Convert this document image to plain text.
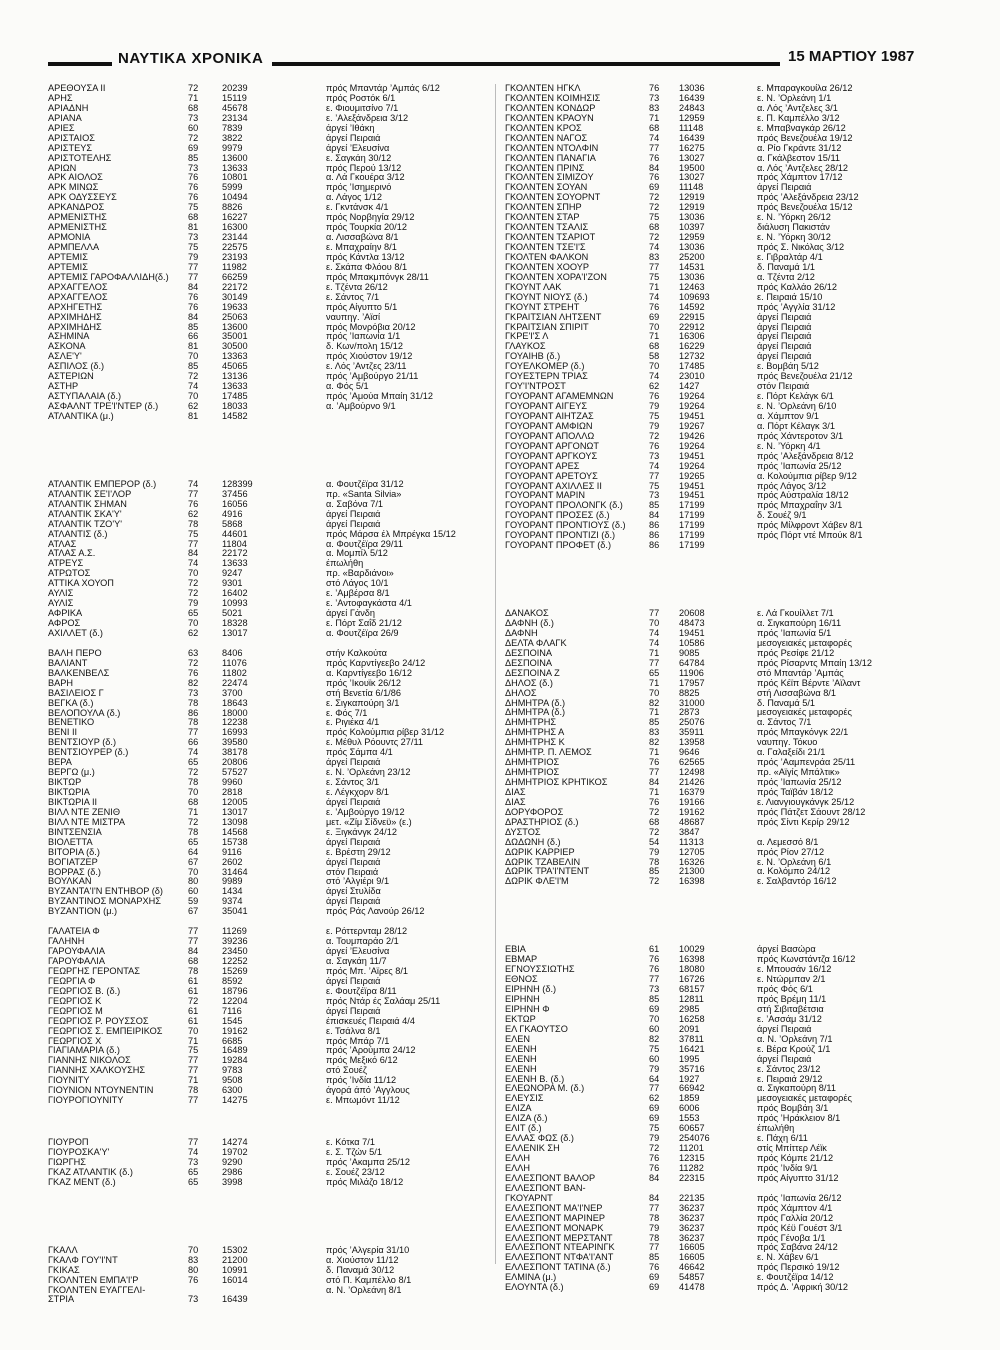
ΝΑΥΤΙΚΑ ΧΡΟΝΙΚΑ	15 ΜΑΡΤΙΟΥ 1987
ΑΡΕΘΟΥΣΑ ΙΙ	72	20239	πρός Μπαντάρ ’Αμπάς 6/12
ΑΡΗΣ	71	15119	πρός Ροστόκ 6/1
ΑΡΙΑΔΝΗ	68	45678	ε. Φιουμιτσίνο 7/1
ΑΡΙΑΝΑ	73	23134	ε. ’Αλεξάνδρεια 3/12
ΑΡΙΕΣ	60	7839	άργεί ’Ιθάκη
ΑΡΙΣΤΑΙΟΣ	72	3822	άργεί Πειραιά
ΑΡΙΣΤΕΥΣ	69	9979	άργεί ’Ελευσίνα
ΑΡΙΣΤΟΤΕΛΗΣ	85	13600	ε. Σαγκάη 30/12
ΑΡΙΩΝ	73	13633	πρός Περού 13/12
ΑΡΚ ΑΙΟΛΟΣ	76	10801	α. Λά Γκουέρα 3/12
ΑΡΚ ΜΙΝΩΣ	76	5999	πρός ’Ισημερινό
ΑΡΚ ΟΔΥΣΣΕΥΣ	76	10494	α. Λάγος 1/12
ΑΡΚΑΝΔΡΟΣ	75	8826	ε. Γκντάνσκ 4/1
ΑΡΜΕΝΙΣΤΗΣ	68	16227	πρός Νορβηγία 29/12
ΑΡΜΕΝΙΣΤΗΣ	81	16300	πρός Τουρκία 20/12
ΑΡΜΟΝΙΑ	73	23144	α. Λισσαβώνα 8/1
ΑΡΜΠΕΛΛΑ	75	22575	ε. Μπαχραίην 8/1
ΑΡΤΕΜΙΣ	79	23193	πρός Κάντλα 13/12
ΑΡΤΕΜΙΣ	77	11982	ε. Σκάπα Φλόου 8/1
ΑΡΤΕΜΙΣ ΓΑΡΟΦΑΛΛΙΔΗ(δ.) 77	66259	πρός Μπακμπόνγκ 28/11
ΑΡΧΑΓΓΕΛΟΣ	84	22172	ε. Τζέντα 26/12
ΑΡΧΑΓΓΕΛΟΣ	76	30149	ε. Σάντος 7/1
ΑΡΧΗΓΕΤΗΣ	76	19633	πρός Αίγυπτο 5/1
ΑΡΧΙΜΗΔΗΣ	84	25063	ναυπηγ. ’Αϊσί
ΑΡΧΙΜΗΔΗΣ	85	13600	πρός Μονρόβια 20/12
ΑΣΗΜΙΝΑ	66	35001	πρός ’Ιαπωνία 1/1
ΑΣΚΟΝΑ	81	30500	δ. Κων/πολη 15/12
ΑΣΛΕ'Υ'	70	13363	πρός Χιούστον 19/12
ΑΣΠΙΛΟΣ (δ.)	85	45065	ε. Λός ’Αντζες 23/11
ΑΣΤΕΡΙΩΝ	72	13136	πρός ’Αμβούργο 21/11
ΑΣΤΗΡ	74	13633	α. Φός 5/1
ΑΣΤΥΠΑΛΑΙΑ (δ.)	70	17485	πρός ’Αμούα Μπαίη 31/12
ΑΣΦΑΛΝΤ ΤΡΕ'Ι'ΝΤΕΡ (δ.)	62	18033	α. ’Αμβούρνο 9/1
ΑΤΛΑΝΤΙΚΑ (μ.)	81	14582
ΑΤΛΑΝΤΙΚ ΕΜΠΕΡΟΡ (δ.)	74	128399	α. Φουτζέϊρα 31/12
ΑΤΛΑΝΤΙΚ ΣΕ'Ι'ΛΟΡ	77	37456	πρ. «Santa Silvia»
ΑΤΛΑΝΤΙΚ ΣΗΜΑΝ	76	16056	α. Σαβόνα 7/1
ΑΤΛΑΝΤΙΚ ΣΚΑ'Υ'	62	4916	άργεί Πειραιά
ΑΤΛΑΝΤΙΚ ΤΖΟ'Υ'	78	5868	άργεί Πειραιά
ΑΤΛΑΝΤΙΣ (δ.)	75	44601	πρός Μάρσα έλ Μπρέγκα 15/12
ΑΤΛΑΣ	77	11804	α. Φουτζέϊρα 29/11
ΑΤΛΑΣ Α.Σ.	84	22172	α. Μομπίλ 5/12
ΑΤΡΕΥΣ	74	13633	έπωλήθη
ΑΤΡΩΤΟΣ	70	9247	πρ. «Βαρδιάνοι»
ΑΤΤΙΚΑ ΧΟΥΟΠ	72	9301	στό Λάγος 10/1
ΑΥΛΙΣ	72	16402	ε. ’Αμβέρσα 8/1
ΑΥΛΙΣ	79	10993	ε. ’Αντοφαγκάστα 4/1
ΑΦΡΙΚΑ	65	5021	άργεί Γάνδη
ΑΦΡΟΣ	70	18328	ε. Πόρτ Σαΐδ 21/12
ΑΧΙΛΛΕΤ (δ.)	62	13017	α. Φουτζέϊρα 26/9
ΒΑΛΗ ΠΕΡΟ	63	8406	στήν Καλκούτα
ΒΑΛΙΑΝΤ	72	11076	πρός Καρντίγεεβο 24/12
ΒΑΛΚΕΝΒΕΛΣ	76	11802	α. Καρντίγεεβο 16/12
ΒΑΡΗ	82	22474	πρός ’Ικουϊκ 26/12
ΒΑΣΙΛΕΙΟΣ Γ	73	3700	στή Βενετία 6/1/86
ΒΕΓΚΑ (δ.)	78	18643	ε. Σιγκαπούρη 3/1
ΒΕΛΟΠΟΥΛΑ (δ.)	86	18000	ε. Φός 7/1
ΒΕΝΕΤΙΚΟ	78	12238	ε. Ριγιέκα 4/1
ΒΕΝΙ ΙΙ	77	16993	πρός Κολούμπια ρίβερ 31/12
ΒΕΝΤΣΙΟΥΡ (δ.)	66	39580	ε. Μέθυλ Ρόουντς 27/11
ΒΕΝΤΣΙΟΥΡΕΡ (δ.)	74	38178	πρός Σάμπα 4/1
ΒΕΡΑ	65	20806	άργεί Πειραιά
ΒΕΡΓΩ (μ.)	72	57527	ε. Ν. ’Ορλεάνη 23/12
ΒΙΚΤΩΡ	78	9960	ε. Σάντος 3/1
ΒΙΚΤΩΡΙΑ	70	2818	ε. Λέγκχορν 8/1
ΒΙΚΤΩΡΙΑ ΙΙ	68	12005	άργεί Πειραιά
ΒΙΛΛ ΝΤΕ ΖΕΝΙΘ	71	13017	ε. ’Αμβούργο 19/12
ΒΙΛΛ ΝΤΕ ΜΙΣΤΡΑ	72	13098	μετ. «Ζίμ Σίδνεϋ» (ε.)
ΒΙΝΤΣΕΝΣΙΑ	78	14568	ε. Ξιγκάνγκ 24/12
ΒΙΟΛΕΤΤΑ	65	15738	άργεί Πειραιά
ΒΙΤΟΡΙΑ (δ.)	64	9116	ε. Βρέστη 29/12
ΒΟΓΙΑΤΖΕΡ	67	2602	άργεί Πειραιά
ΒΟΡΡΑΣ (δ.)	70	31464	στόν Πειραιά
ΒΟΥΛΚΑΝ	80	9989	στό ’Αλγιέρι 9/1
ΒΥΖΑΝΤΑ'Ι'Ν ΕΝΤΗΒΟΡ (δ)	60	1434	άργεί Στυλίδα
ΒΥΖΑΝΤΙΝΟΣ ΜΟΝΑΡΧΗΣ	59	9374	άργεί Πειραιά
ΒΥΖΑΝΤΙΟΝ (μ.)	67	35041	πρός Ράς Λανούρ 26/12
ΓΑΛΑΤΕΙΑ Φ	77	11269	ε. Ρόττερνταμ 28/12
ΓΑΛΗΝΗ	77	39236	α. Τουμπαράο 2/1
ΓΑΡΟΥΦΑΛΙΑ	84	23450	άργεί ’Ελευσίνα
ΓΑΡΟΥΦΑΛΙΑ	68	12252	α. Σαγκάη 11/7
ΓΕΩΡΓΗΣ ΓΕΡΟΝΤΑΣ	78	15269	πρός Μπ. ’Αϊρες 8/1
ΓΕΩΡΓΙΑ Φ	61	8592	άργεί Πειραιά
ΓΕΩΡΓΙΟΣ Β. (δ.)	61	18796	ε. Φουτζέϊρα 8/11
ΓΕΩΡΓΙΟΣ Κ	72	12204	πρός Ντάρ ές Σαλάαμ 25/11
ΓΕΩΡΓΙΟΣ Μ	61	7116	άργεί Πειραιά
ΓΕΩΡΓΙΟΣ Ρ. ΡΟΥΣΣΟΣ	61	1545	έπισκευές Πειραιά 4/4
ΓΕΩΡΓΙΟΣ Σ. ΕΜΠΕΙΡΙΚΟΣ	70	19162	ε. Τσάλνα 8/1
ΓΕΩΡΓΙΟΣ Χ	71	6685	πρός Μπάρ 7/1
ΓΙΑΓΙΑΜΑΡΙΑ (δ.)	75	16489	πρός ’Αρούμπα 24/12
ΓΙΑΝΝΗΣ ΝΙΚΟΛΟΣ	77	19284	πρός Μεξικό 6/12
ΓΙΑΝΝΗΣ ΧΑΛΚΟΥΣΗΣ	77	9783	στό Σουέζ
ΓΙΟΥΝΙΤΥ	71	9508	πρός ’Ινδία 11/12
ΓΙΟΥΝΙΟΝ ΝΤΟΥΝΕΝΤΙΝ	78	6300	άγορά άπό ’Αγγλους
ΓΙΟΥΡΟΓΙΟΥΝΙΤΥ	77	14275	ε. Μπωμόντ 11/12
ΓΙΟΥΡΟΠ	77	14274	ε. Κότκα 7/1
ΓΙΟΥΡΟΣΚΑ'Υ'	74	19702	ε. Σ. Τζών 5/1
ΓΙΩΡΓΗΣ	73	9290	πρός ’Ακαμπα 25/12
ΓΚΑΖ ΑΤΛΑΝΤΙΚ (δ.)	65	2986	ε. Σουέζ 23/12
ΓΚΑΖ ΜΕΝΤ (δ.)	65	3998	πρός Μιλάζο 18/12
ΓΚΑΛΛ	70	15302	πρός ’Αλγερία 31/10
ΓΚΑΛΦ ΓΟΥ'Ι'ΝΤ	83	21200	α. Χιούστον 11/12
ΓΚΙΚΑΣ	80	10991	δ. Παναμά 30/12
ΓΚΟΛΝΤΕΝ ΕΜΠΑ'Ι'Ρ	76	16014	στό Π. Καμπέλλο 8/1
ΓΚΟΛΝΤΕΝ ΕΥΑΓΓΕΛΙ-	α. Ν. ’Ορλεάνη 8/1
ΣΤΡΙΑ	73	16439
ΓΚΟΛΝΤΕΝ ΗΓΚΛ	76 13036	ε. Μπαραγκουίλα 26/12
ΓΚΟΛΝΤΕΝ ΚΟΙΜΗΣΙΣ	73 16439	ε. Ν. ’Ορλεάνη 1/1
ΓΚΟΛΝΤΕΝ ΚΟΝΔΩΡ	83 24843	α. Λός ’Αντζελες 3/1
ΓΚΟΛΝΤΕΝ ΚΡΑΟΥΝ	71 12959	ε. Π. Καμπέλλο 3/12
ΓΚΟΛΝΤΕΝ ΚΡΟΣ	68 11148	ε. Μπαβναγκάρ 26/12
ΓΚΟΛΝΤΕΝ ΝΑΓΟΣ	74 16439	πρός Βενεζουέλα 19/12
ΓΚΟΛΝΤΕΝ ΝΤΟΛΦΙΝ	77 16275	α. Ρίο Γκράντε 31/12
ΓΚΟΛΝΤΕΝ ΠΑΝΑΓΙΑ	76 13027	α. Γκάλβεστον 15/11
ΓΚΟΛΝΤΕΝ ΠΡΙΝΣ	84 19500	α. Λός ’Αντζελες 28/12
ΓΚΟΛΝΤΕΝ ΣΙΜΙΖΟΥ	76 13027	πρός Χάμπτον 17/12
ΓΚΟΛΝΤΕΝ ΣΟΥΑΝ	69 11148	άργεί Πειραιά
ΓΚΟΛΝΤΕΝ ΣΟΥΟΡΝΤ	72 12919	πρός ’Αλεξάνδρεια 23/12
ΓΚΟΛΝΤΕΝ ΣΠΗΡ	72 12919	πρός Βενεζουέλα 15/12
ΓΚΟΛΝΤΕΝ ΣΤΑΡ	75 13036	ε. Ν. ’Υόρκη 26/12
ΓΚΟΛΝΤΕΝ ΤΣΑΛΙΣ	68 10397	διάλυση Πακιστάν
ΓΚΟΛΝΤΕΝ ΤΣΑΡΙΟΤ	72 12959	ε. Ν. ’Υόρκη 30/12
ΓΚΟΛΝΤΕΝ ΤΣΕ'Ι'Σ	74 13036	πρός Σ. Νικόλας 3/12
ΓΚΟΛΤΕΝ ΦΑΛΚΟΝ	83 25200	ε. Γιβραλτάρ 4/1
ΓΚΟΛΝΤΕΝ ΧΟΟΥΡ	77 14531	δ. Παναμά 1/1
ΓΚΟΛΝΤΕΝ ΧΟΡΑ'Ι'ΖΟΝ	75 13036	α. Τζέντα 2/12
ΓΚΟΥΝΤ ΛΑΚ	71 12463	πρός Καλλάο 26/12
ΓΚΟΥΝΤ ΝΙΟΥΣ (δ.)	74 109693	ε. Πειραιά 15/10
ΓΚΟΥΝΤ ΣΤΡΕΗΤ	76 14592	πρός ’Αγγλία 31/12
ΓΚΡΑΙΤΣΙΑΝ ΛΗΤΣΕΝΤ	69 22915	άργεί Πειραιά
ΓΚΡΑΙΤΣΙΑΝ ΣΠΙΡΙΤ	70 22912	άργεί Πειραιά
ΓΚΡΕ'Ι'Σ Λ	71 16306	άργεί Πειραιά
ΓΛΑΥΚΟΣ	68 16229	άργεί Πειραιά
ΓΟΥΑΙΗΒ (δ.)	58 12732	άργεί Πειραιά
ΓΟΥΕΛΚΟΜΕΡ (δ.)	70 17485	ε. Βομβάη 5/12
ΓΟΥΕΣΤΕΡΝ ΤΡΙΑΣ	74 23010	πρός Βενεζουέλα 21/12
ΓΟΥ'Ι'ΝΤΡΟΣΤ	62 1427	στόν Πειραιά
ΓΟΥΟΡΑΝΤ ΑΓΑΜΕΜΝΩΝ	76 19264	ε. Πόρτ Κελάγκ 6/1
ΓΟΥΟΡΑΝΤ ΑΙΓΕΥΣ	79 19264	ε. Ν. ’Ορλεάνη 6/10
ΓΟΥΟΡΑΝΤ ΑΙΗΤΖΑΣ	75 19451	α. Χάμπτον 9/1
ΓΟΥΟΡΑΝΤ ΑΜΦΙΩΝ	79 19267	α. Πόρτ Κέλαγκ 3/1
ΓΟΥΟΡΑΝΤ ΑΠΟΛΛΩ	72 19426	πρός Χάντεροτον 3/1
ΓΟΥΟΡΑΝΤ ΑΡΓΟΝΩΤ	76 19264	ε. Ν. ’Υόρκη 4/1
ΓΟΥΟΡΑΝΤ ΑΡΓΚΟΥΣ	73 19451	πρός ’Αλεξάνδρεια 8/12
ΓΟΥΟΡΑΝΤ ΑΡΕΣ	74 19264	πρός ’Ιαπωνία 25/12
ΓΟΥΟΡΑΝΤ ΑΡΕΤΟΥΣ	77 19265	α. Κολούμπια ρίβερ 9/12
ΓΟΥΟΡΑΝΤ ΑΧΙΛΛΕΣ ΙΙ	75 19451	πρός Λάγος 3/12
ΓΟΥΟΡΑΝΤ ΜΑΡΙΝ	73 19451	πρός Αύστραλία 18/12
ΓΟΥΟΡΑΝΤ ΠΡΟΛΟΝΓΚ (δ.)	85 17199	πρός Μπαχραΐην 3/1
ΓΟΥΟΡΑΝΤ ΠΡΟΣΕΣ (δ.)	84 17199	δ. Σουέζ 9/1
ΓΟΥΟΡΑΝΤ ΠΡΟΝΤΙΟΥΣ (δ.)	86 17199	πρός Μίλφροντ Χάβεν 8/1
ΓΟΥΟΡΑΝΤ ΠΡΟΝΤΙΖΙ (δ.)	86 17199	πρός Πόρτ ντέ Μπούκ 8/1
ΓΟΥΟΡΑΝΤ ΠΡΟΦΕΤ (δ.)	86 17199
ΔΑΝΑΚΟΣ	77 20608	ε. Λά Γκουίλλετ 7/1
ΔΑΦΝΗ (δ.)	70 48473	α. Σιγκαπούρη 16/11
ΔΑΦΝΗ	74 19451	πρός ’Ιαπωνία 5/1
ΔΕΛΤΑ ΦΛΑΓΚ	74 10586	μεσογειακές μεταφορές
ΔΕΣΠΟΙΝΑ	71 9085	πρός Ρεσίφε 21/12
ΔΕΣΠΟΙΝΑ	77 64784	πρός Ρίσαρντς Μπαίη 13/12
ΔΕΣΠΟΙΝΑ Ζ	65 11906	στό Μπαντάρ ’Αμπάς
ΔΗΛΟΣ (δ.)	71 17957	πρός Κέϊπ Βέρντε ’Αϊλαντ
ΔΗΛΟΣ	70 8825	στή Λισσαβώνα 8/1
ΔΗΜΗΤΡΑ (δ.)	82 31000	δ. Παναμά 5/1
ΔΗΜΗΤΡΑ (δ.)	71 2873	μεσογειακές μεταφορές
ΔΗΜΗΤΡΗΣ	85 25076	α. Σάντος 7/1
ΔΗΜΗΤΡΗΣ Α	83 35911	πρός Μπαγκόνγκ 22/1
ΔΗΜΗΤΡΗΣ Κ	82 13958	ναυπηγ. Τόκυο
ΔΗΜΗΤΡ. Π. ΛΕΜΟΣ	71 9646	α. Γαλαξείδι 21/1
ΔΗΜΗΤΡΙΟΣ	76 62565	πρός ’Ααμπενράα 25/11
ΔΗΜΗΤΡΙΟΣ	77 12498	πρ. «Αϊγίς Μπάλτικ»
ΔΗΜΗΤΡΙΟΣ ΚΡΗΤΙΚΟΣ	84 21426	πρός ’Ιαπωνία 25/12
ΔΙΑΣ	71 16379	πρός Ταϊβάν 18/12
ΔΙΑΣ	76 19166	ε. Λιανγιουγκάνγκ 25/12
ΔΟΡΥΦΟΡΟΣ	72 19162	πρός Πάτζετ Σάουντ 28/12
ΔΡΑΣΤΗΡΙΟΣ (δ.)	68 48687	πρός Σίντι Κερίρ 29/12
ΔΥΣΤΟΣ	72 3847
ΔΩΔΩΝΗ (δ.)	54 11313	α. Λεμεσσό 8/1
ΔΩΡΙΚ ΚΑΡΡΙΕΡ	79 12705	πρός Ρίον 27/12
ΔΩΡΙΚ ΤΖΑΒΕΛΙΝ	78 16326	ε. Ν. ’Ορλεάνη 6/1
ΔΩΡΙΚ ΤΡΑ'Ι'ΝΤΕΝΤ	85 21300	α. Κολόμπο 24/12
ΔΩΡΙΚ ΦΛΕ'Ι'Μ	72 16398	ε. Σαλβαντόρ 16/12
ΕΒΙΑ	61 10029	άργεί Βασώρα
ΕΒΜΑΡ	76 16398	πρός Κωνστάντζα 16/12
ΕΓΝΟΥΣΣΙΩΤΗΣ	76 18080	ε. Μπουσάν 16/12
ΕΘΝΟΣ	77 16726	ε. Ντώρμπαν 2/1
ΕΙΡΗΝΗ (δ.)	73 68157	πρός Φός 6/1
ΕΙΡΗΝΗ	85 12811	πρός Βρέμη 11/1
ΕΙΡΗΝΗ Φ	69 2985	στή Σιβιταβέτσια
ΕΚΤΩΡ	70 16258	ε. ’Ασσάμ 31/12
ΕΛ ΓΚΑΟΥΤΣΟ	60 2091	άργεί Πειραιά
ΕΛΕΝ	82 37811	α. Ν. ’Ορλεάνη 7/1
ΕΛΕΝΗ	75 16421	ε. Βέρα Κρούζ 1/1
ΕΛΕΝΗ	60 1995	άργεί Πειραιά
ΕΛΕΝΗ	79 35716	ε. Σάντος 23/12
ΕΛΕΝΗ Β. (δ.)	64 1927	ε. Πειραιά 29/12
ΕΛΕΩΝΟΡΑ Μ. (δ.)	77 66942	α. Σιγκαπούρη 8/11
ΕΛΕΥΣΙΣ	62 1859	μεσογειακές μεταφορές
ΕΛΙΖΑ	69 6006	πρός Βομβάη 3/1
ΕΛΙΖΑ (δ.)	69 1553	πρός ’Ηράκλειον 8/1
ΕΛΙΤ (δ.)	75 60657	έπωλήθη
ΕΛΛΑΣ ΦΩΣ (δ.)	79 254076	ε. Πάχη 6/11
ΕΛΛΕΝΙΚ ΣΗ	72 11201	στίς Μπίττερ Λέϊκ
ΕΛΛΗ	76 12315	πρός Κόμπε 21/12
ΕΛΛΗ	76 11282	πρός ’Ινδία 9/1
ΕΛΛΕΣΠΟΝΤ ΒΑΛΟΡ	84 22315	πρός Αίγυπτο 31/12
ΕΛΛΕΣΠΟΝΤ ΒΑΝ-
ΓΚΟΥΑΡΝΤ	84 22135	πρός ’Ιαπωνία 26/12
ΕΛΛΕΣΠΟΝΤ ΜΑ'Ι'ΝΕΡ	77 36237	πρός Χάμπτον 4/1
ΕΛΛΕΣΠΟΝΤ ΜΑΡΙΝΕΡ	78 36237	πρός Γαλλία 20/12
ΕΛΛΕΣΠΟΝΤ ΜΟΝΑΡΚ	79 36237	πρός Κέϋ Γουέστ 3/1
ΕΛΛΕΣΠΟΝΤ ΜΕΡΣΤΑΝΤ	78 36237	πρός Γένοβα 1/1
ΕΛΛΕΣΠΟΝΤ ΝΤΕΑΡΙΝΓΚ	77 16605	πρός Σαβάνα 24/12
ΕΛΛΕΣΠΟΝΤ ΝΤΦΑ'Ι'ΑΝΤ	85 16605	ε. Ν. Χάβεν 6/1
ΕΛΛΕΣΠΟΝΤ ΤΑΤΙΝΑ (δ.)	76 46642	πρός Περσικό 19/12
ΕΛΜΙΝΑ (μ.)	69 54857	ε. Φουτζέϊρα 14/12
ΕΛΟΥΝΤΑ (δ.)	69 41478	πρός Δ. ’Αφρική 30/12
